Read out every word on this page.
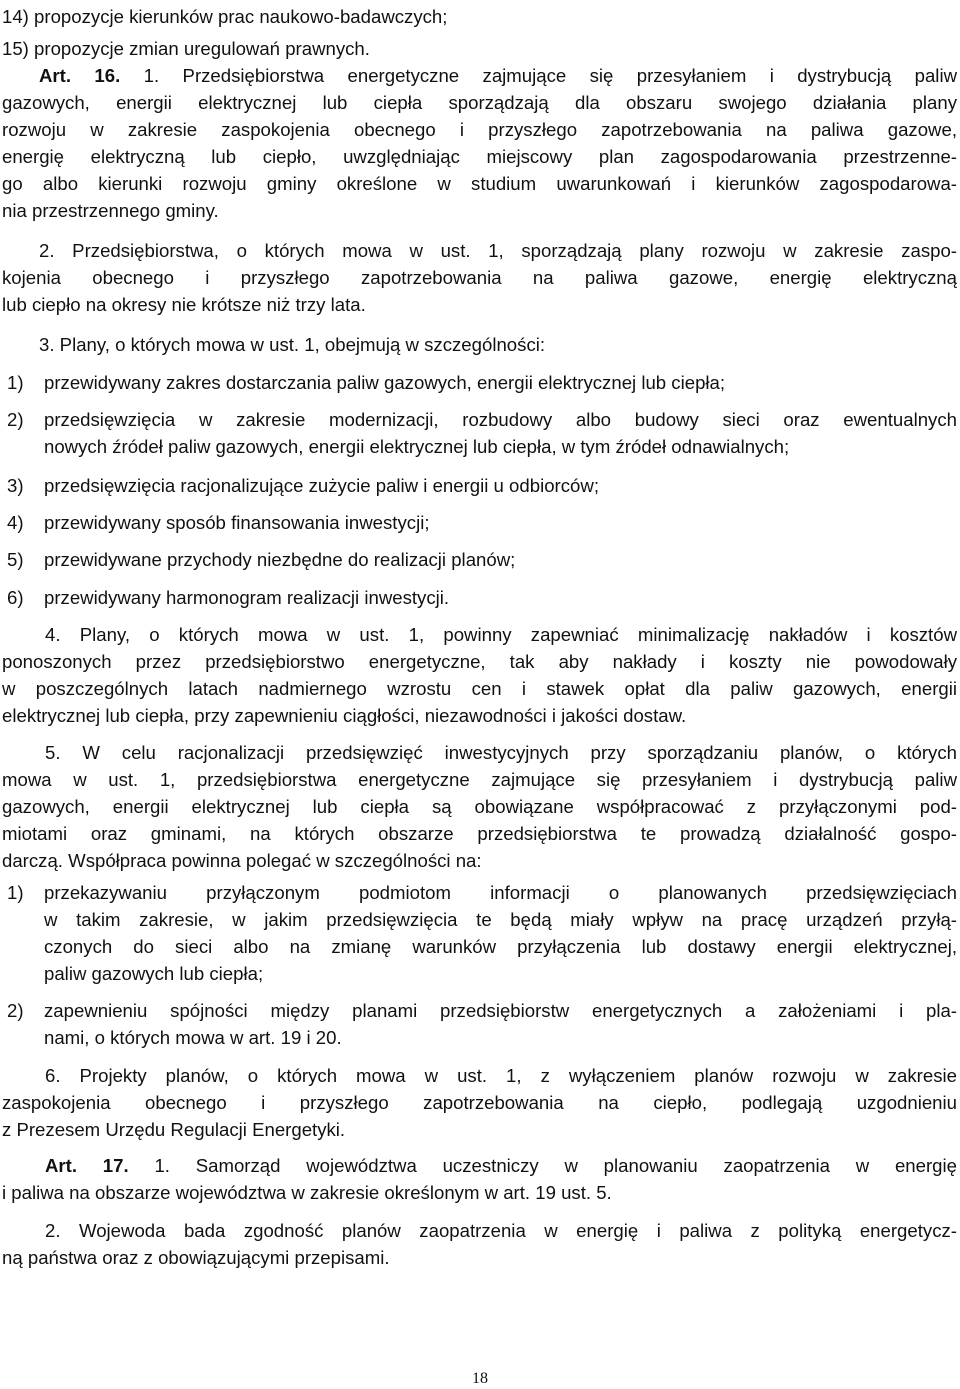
14) propozycje kierunków prac naukowo-badawczych;
15) propozycje zmian uregulowań prawnych.
Art. 16. 1. Przedsiębiorstwa energetyczne zajmujące się przesyłaniem i dystrybucją paliw
gazowych, energii elektrycznej lub ciepła sporządzają dla obszaru swojego działania plany
rozwoju w zakresie zaspokojenia obecnego i przyszłego zapotrzebowania na paliwa gazowe,
energię elektryczną lub ciepło, uwzględniając miejscowy plan zagospodarowania przestrzenne-
go albo kierunki rozwoju gminy określone w studium uwarunkowań i kierunków zagospodarowa-
nia przestrzennego gminy.
2. Przedsiębiorstwa, o których mowa w ust. 1, sporządzają plany rozwoju w zakresie zaspo-
kojenia obecnego i przyszłego zapotrzebowania na paliwa gazowe, energię elektryczną
lub ciepło na okresy nie krótsze niż trzy lata.
3. Plany, o których mowa w ust. 1, obejmują w szczególności:
1) przewidywany zakres dostarczania paliw gazowych, energii elektrycznej lub ciepła;
2) przedsięwzięcia w zakresie modernizacji, rozbudowy albo budowy sieci oraz ewentualnych
nowych źródeł paliw gazowych, energii elektrycznej lub ciepła, w tym źródeł odnawialnych;
3) przedsięwzięcia racjonalizujące zużycie paliw i energii u odbiorców;
4) przewidywany sposób finansowania inwestycji;
5) przewidywane przychody niezbędne do realizacji planów;
6) przewidywany harmonogram realizacji inwestycji.
4. Plany, o których mowa w ust. 1, powinny zapewniać minimalizację nakładów i kosztów
ponoszonych przez przedsiębiorstwo energetyczne, tak aby nakłady i koszty nie powodowały
w poszczególnych latach nadmiernego wzrostu cen i stawek opłat dla paliw gazowych, energii
elektrycznej lub ciepła, przy zapewnieniu ciągłości, niezawodności i jakości dostaw.
5. W celu racjonalizacji przedsięwzięć inwestycyjnych przy sporządzaniu planów, o których
mowa w ust. 1, przedsiębiorstwa energetyczne zajmujące się przesyłaniem i dystrybucją paliw
gazowych, energii elektrycznej lub ciepła są obowiązane współpracować z przyłączonymi pod-
miotami oraz gminami, na których obszarze przedsiębiorstwa te prowadzą działalność gospo-
darczą. Współpraca powinna polegać w szczególności na:
1) przekazywaniu przyłączonym podmiotom informacji o planowanych przedsięwzięciach
w takim zakresie, w jakim przedsięwzięcia te będą miały wpływ na pracę urządzeń przyłą-
czonych do sieci albo na zmianę warunków przyłączenia lub dostawy energii elektrycznej,
paliw gazowych lub ciepła;
2) zapewnieniu spójności między planami przedsiębiorstw energetycznych a założeniami i pla-
nami, o których mowa w art. 19 i 20.
6. Projekty planów, o których mowa w ust. 1, z wyłączeniem planów rozwoju w zakresie
zaspokojenia obecnego i przyszłego zapotrzebowania na ciepło, podlegają uzgodnieniu
z Prezesem Urzędu Regulacji Energetyki.
Art. 17. 1. Samorząd województwa uczestniczy w planowaniu zaopatrzenia w energię
i paliwa na obszarze województwa w zakresie określonym w art. 19 ust. 5.
2. Wojewoda bada zgodność planów zaopatrzenia w energię i paliwa z polityką energetycz-
ną państwa oraz z obowiązującymi przepisami.
18
